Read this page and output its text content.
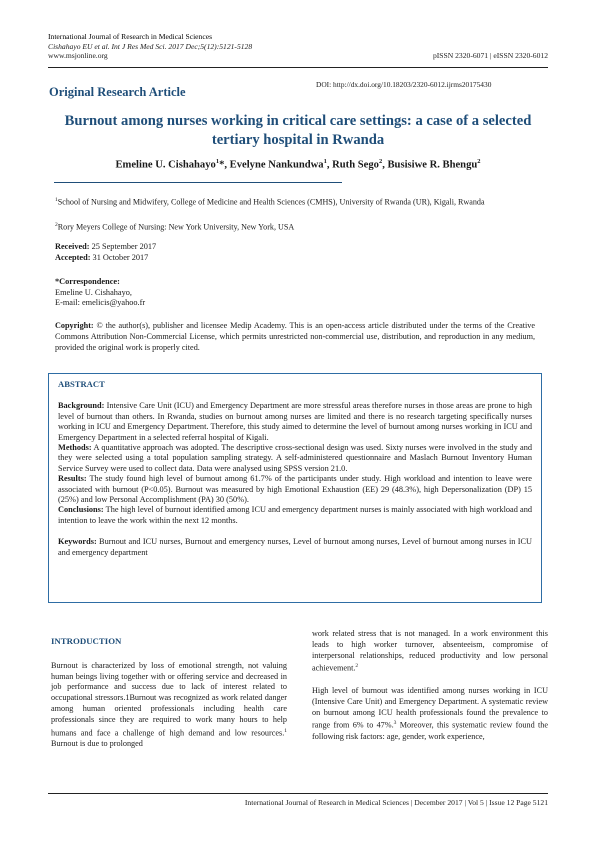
International Journal of Research in Medical Sciences
Cishahayo EU et al. Int J Res Med Sci. 2017 Dec;5(12):5121-5128
www.msjonline.org	pISSN 2320-6071 | eISSN 2320-6012
DOI: http://dx.doi.org/10.18203/2320-6012.ijrms20175430
Original Research Article
Burnout among nurses working in critical care settings: a case of a selected tertiary hospital in Rwanda
Emeline U. Cishahayo$^1$*, Evelyne Nankundwa$^1$, Ruth Sego$^2$, Busisiwe R. Bhengu$^2$
$^1$School of Nursing and Midwifery, College of Medicine and Health Sciences (CMHS), University of Rwanda (UR), Kigali, Rwanda
$^2$Rory Meyers College of Nursing: New York University, New York, USA
Received: 25 September 2017
Accepted: 31 October 2017
*Correspondence:
Emeline U. Cishahayo,
E-mail: emelicis@yahoo.fr
Copyright: © the author(s), publisher and licensee Medip Academy. This is an open-access article distributed under the terms of the Creative Commons Attribution Non-Commercial License, which permits unrestricted non-commercial use, distribution, and reproduction in any medium, provided the original work is properly cited.
ABSTRACT

Background: Intensive Care Unit (ICU) and Emergency Department are more stressful areas therefore nurses in those areas are prone to high level of burnout than others. In Rwanda, studies on burnout among nurses are limited and there is no research targeting specifically nurses working in ICU and Emergency Department. Therefore, this study aimed to determine the level of burnout among nurses working in ICU and Emergency Department in a selected referral hospital of Kigali.

Methods: A quantitative approach was adopted. The descriptive cross-sectional design was used. Sixty nurses were involved in the study and they were selected using a total population sampling strategy. A self-administered questionnaire and Maslach Burnout Inventory Human Service Survey were used to collect data. Data were analysed using SPSS version 21.0.

Results: The study found high level of burnout among 61.7% of the participants under study. High workload and intention to leave were associated with burnout (P<0.05). Burnout was measured by high Emotional Exhaustion (EE) 29 (48.3%), high Depersonalization (DP) 15 (25%) and low Personal Accomplishment (PA) 30 (50%).

Conclusions: The high level of burnout identified among ICU and emergency department nurses is mainly associated with high workload and intention to leave the work within the next 12 months.

Keywords: Burnout and ICU nurses, Burnout and emergency nurses, Level of burnout among nurses, Level of burnout among nurses in ICU and emergency department

INTRODUCTION

Burnout is characterized by loss of emotional strength, not valuing human beings living together with or offering service and decreased in job performance and success due to lack of interest related to occupational stressors.1Burnout was recognized as work related danger among human oriented professionals including health care professionals since they are required to work many hours to help humans and face a challenge of high demand and low resources.$^1$ Burnout is due to prolonged

work related stress that is not managed. In a work environment this leads to high worker turnover, absenteeism, compromise of interpersonal relationships, reduced productivity and low personal achievement.$^2$

High level of burnout was identified among nurses working in ICU (Intensive Care Unit) and Emergency Department. A systematic review on burnout among ICU health professionals found the prevalence to range from 6% to 47%.$^3$ Moreover, this systematic review found the following risk factors: age, gender, work experience,

International Journal of Research in Medical Sciences | December 2017 | Vol 5 | Issue 12 Page 5121
